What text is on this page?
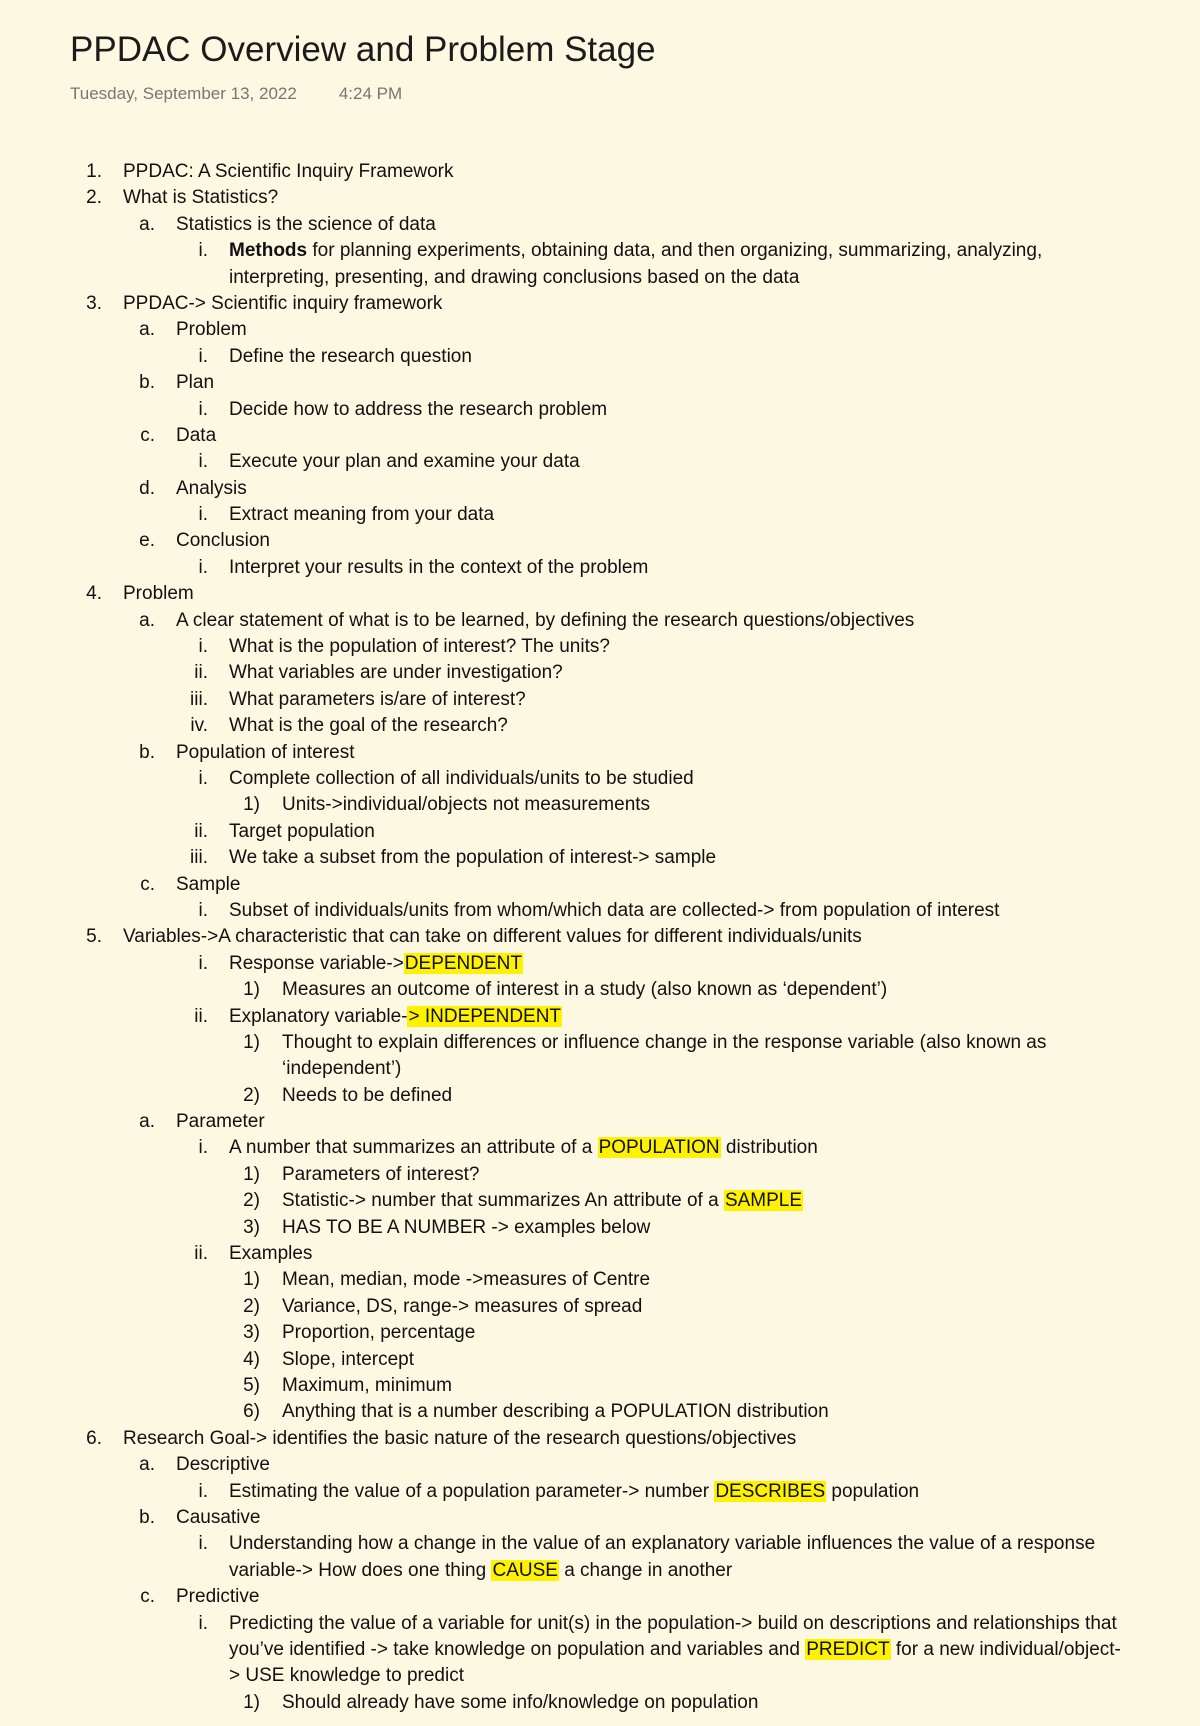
PPDAC Overview and Problem Stage
Tuesday, September 13, 2022 4:24 PM
1. PPDAC: A Scientific Inquiry Framework
2. What is Statistics?
a. Statistics is the science of data
i. Methods for planning experiments, obtaining data, and then organizing, summarizing, analyzing, interpreting, presenting, and drawing conclusions based on the data
3. PPDAC-> Scientific inquiry framework
a. Problem
i. Define the research question
b. Plan
i. Decide how to address the research problem
c. Data
i. Execute your plan and examine your data
d. Analysis
i. Extract meaning from your data
e. Conclusion
i. Interpret your results in the context of the problem
4. Problem
a. A clear statement of what is to be learned, by defining the research questions/objectives
i. What is the population of interest? The units?
ii. What variables are under investigation?
iii. What parameters is/are of interest?
iv. What is the goal of the research?
b. Population of interest
i. Complete collection of all individuals/units to be studied
1) Units->individual/objects not measurements
ii. Target population
iii. We take a subset from the population of interest-> sample
c. Sample
i. Subset of individuals/units from whom/which data are collected-> from population of interest
5. Variables->A characteristic that can take on different values for different individuals/units
i. Response variable->DEPENDENT
1) Measures an outcome of interest in a study (also known as ‘dependent’)
ii. Explanatory variable-> INDEPENDENT
1) Thought to explain differences or influence change in the response variable (also known as ‘independent’)
2) Needs to be defined
a. Parameter
i. A number that summarizes an attribute of a POPULATION distribution
1) Parameters of interest?
2) Statistic-> number that summarizes An attribute of a SAMPLE
3) HAS TO BE A NUMBER -> examples below
ii. Examples
1) Mean, median, mode ->measures of Centre
2) Variance, DS, range-> measures of spread
3) Proportion, percentage
4) Slope, intercept
5) Maximum, minimum
6) Anything that is a number describing a POPULATION distribution
6. Research Goal-> identifies the basic nature of the research questions/objectives
a. Descriptive
i. Estimating the value of a population parameter-> number DESCRIBES population
b. Causative
i. Understanding how a change in the value of an explanatory variable influences the value of a response variable-> How does one thing CAUSE a change in another
c. Predictive
i. Predicting the value of a variable for unit(s) in the population-> build on descriptions and relationships that you’ve identified -> take knowledge on population and variables and PREDICT for a new individual/object-> USE knowledge to predict
1) Should already have some info/knowledge on population
